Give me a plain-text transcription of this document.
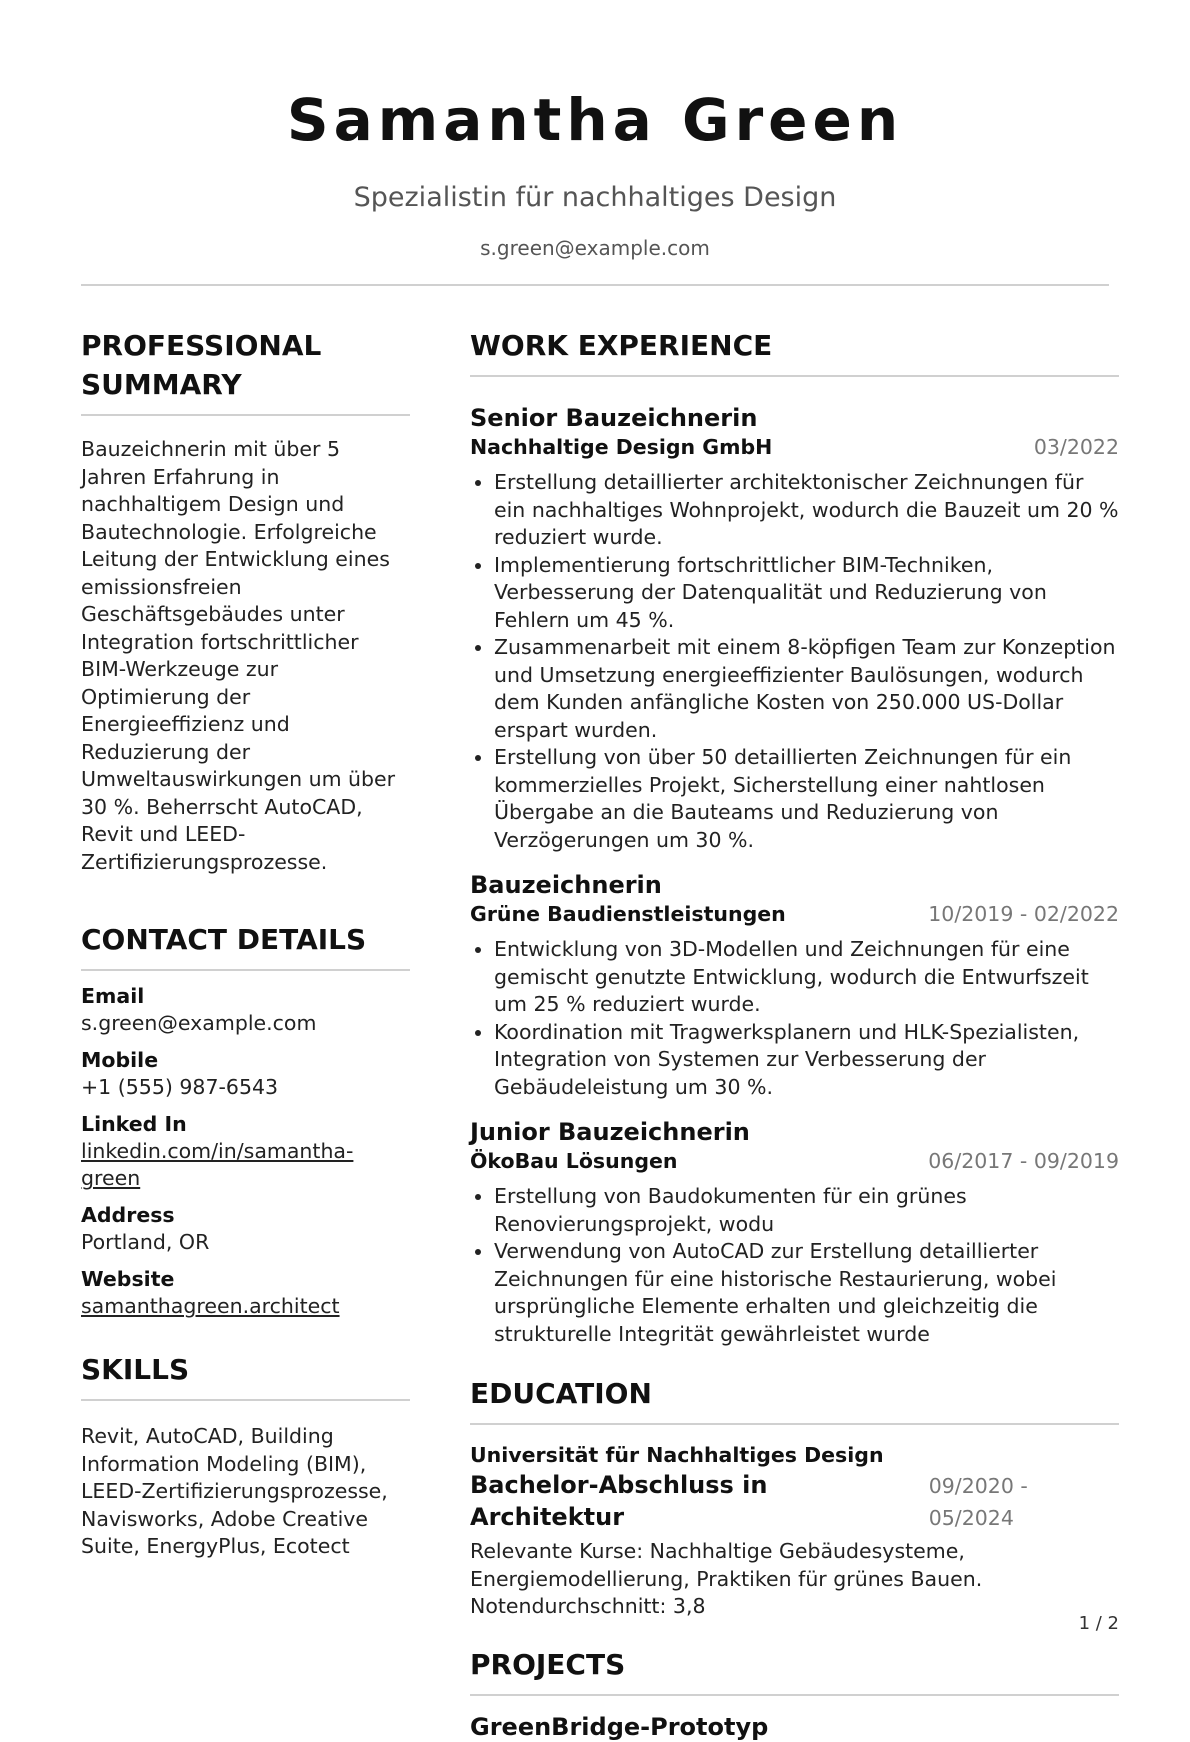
Samantha Green
Spezialistin für nachhaltiges Design
s.green@example.com
PROFESSIONAL SUMMARY
Bauzeichnerin mit über 5 Jahren Erfahrung in nachhaltigem Design und Bautechnologie. Erfolgreiche Leitung der Entwicklung eines emissionsfreien Geschäftsgebäudes unter Integration fortschrittlicher BIM-Werkzeuge zur Optimierung der Energieeffizienz und Reduzierung der Umweltauswirkungen um über 30 %. Beherrscht AutoCAD, Revit und LEED-Zertifizierungsprozesse.
CONTACT DETAILS
Email
s.green@example.com
Mobile
+1 (555) 987-6543
Linked In
linkedin.com/in/samantha-green
Address
Portland, OR
Website
samanthagreen.architect
SKILLS
Revit, AutoCAD, Building Information Modeling (BIM), LEED-Zertifizierungsprozesse, Navisworks, Adobe Creative Suite, EnergyPlus, Ecotect
WORK EXPERIENCE
Senior Bauzeichnerin
Nachhaltige Design GmbH	03/2022
• Erstellung detaillierter architektonischer Zeichnungen für ein nachhaltiges Wohnprojekt, wodurch die Bauzeit um 20 % reduziert wurde.
• Implementierung fortschrittlicher BIM-Techniken, Verbesserung der Datenqualität und Reduzierung von Fehlern um 45 %.
• Zusammenarbeit mit einem 8-köpfigen Team zur Konzeption und Umsetzung energieeffizienter Baulösungen, wodurch dem Kunden anfängliche Kosten von 250.000 US-Dollar erspart wurden.
• Erstellung von über 50 detaillierten Zeichnungen für ein kommerzielles Projekt, Sicherstellung einer nahtlosen Übergabe an die Bauteams und Reduzierung von Verzögerungen um 30 %.
Bauzeichnerin
Grüne Baudienstleistungen	10/2019 - 02/2022
• Entwicklung von 3D-Modellen und Zeichnungen für eine gemischt genutzte Entwicklung, wodurch die Entwurfszeit um 25 % reduziert wurde.
• Koordination mit Tragwerksplanern und HLK-Spezialisten, Integration von Systemen zur Verbesserung der Gebäudeleistung um 30 %.
Junior Bauzeichnerin
ÖkoBau Lösungen	06/2017 - 09/2019
• Erstellung von Baudokumenten für ein grünes Renovierungsprojekt, wodu
• Verwendung von AutoCAD zur Erstellung detaillierter Zeichnungen für eine historische Restaurierung, wobei ursprüngliche Elemente erhalten und gleichzeitig die strukturelle Integrität gewährleistet wurde
EDUCATION
Universität für Nachhaltiges Design
Bachelor-Abschluss in Architektur
09/2020 - 05/2024
Relevante Kurse: Nachhaltige Gebäudesysteme, Energiemodellierung, Praktiken für grünes Bauen. Notendurchschnitt: 3,8
PROJECTS
GreenBridge-Prototyp
1 / 2
